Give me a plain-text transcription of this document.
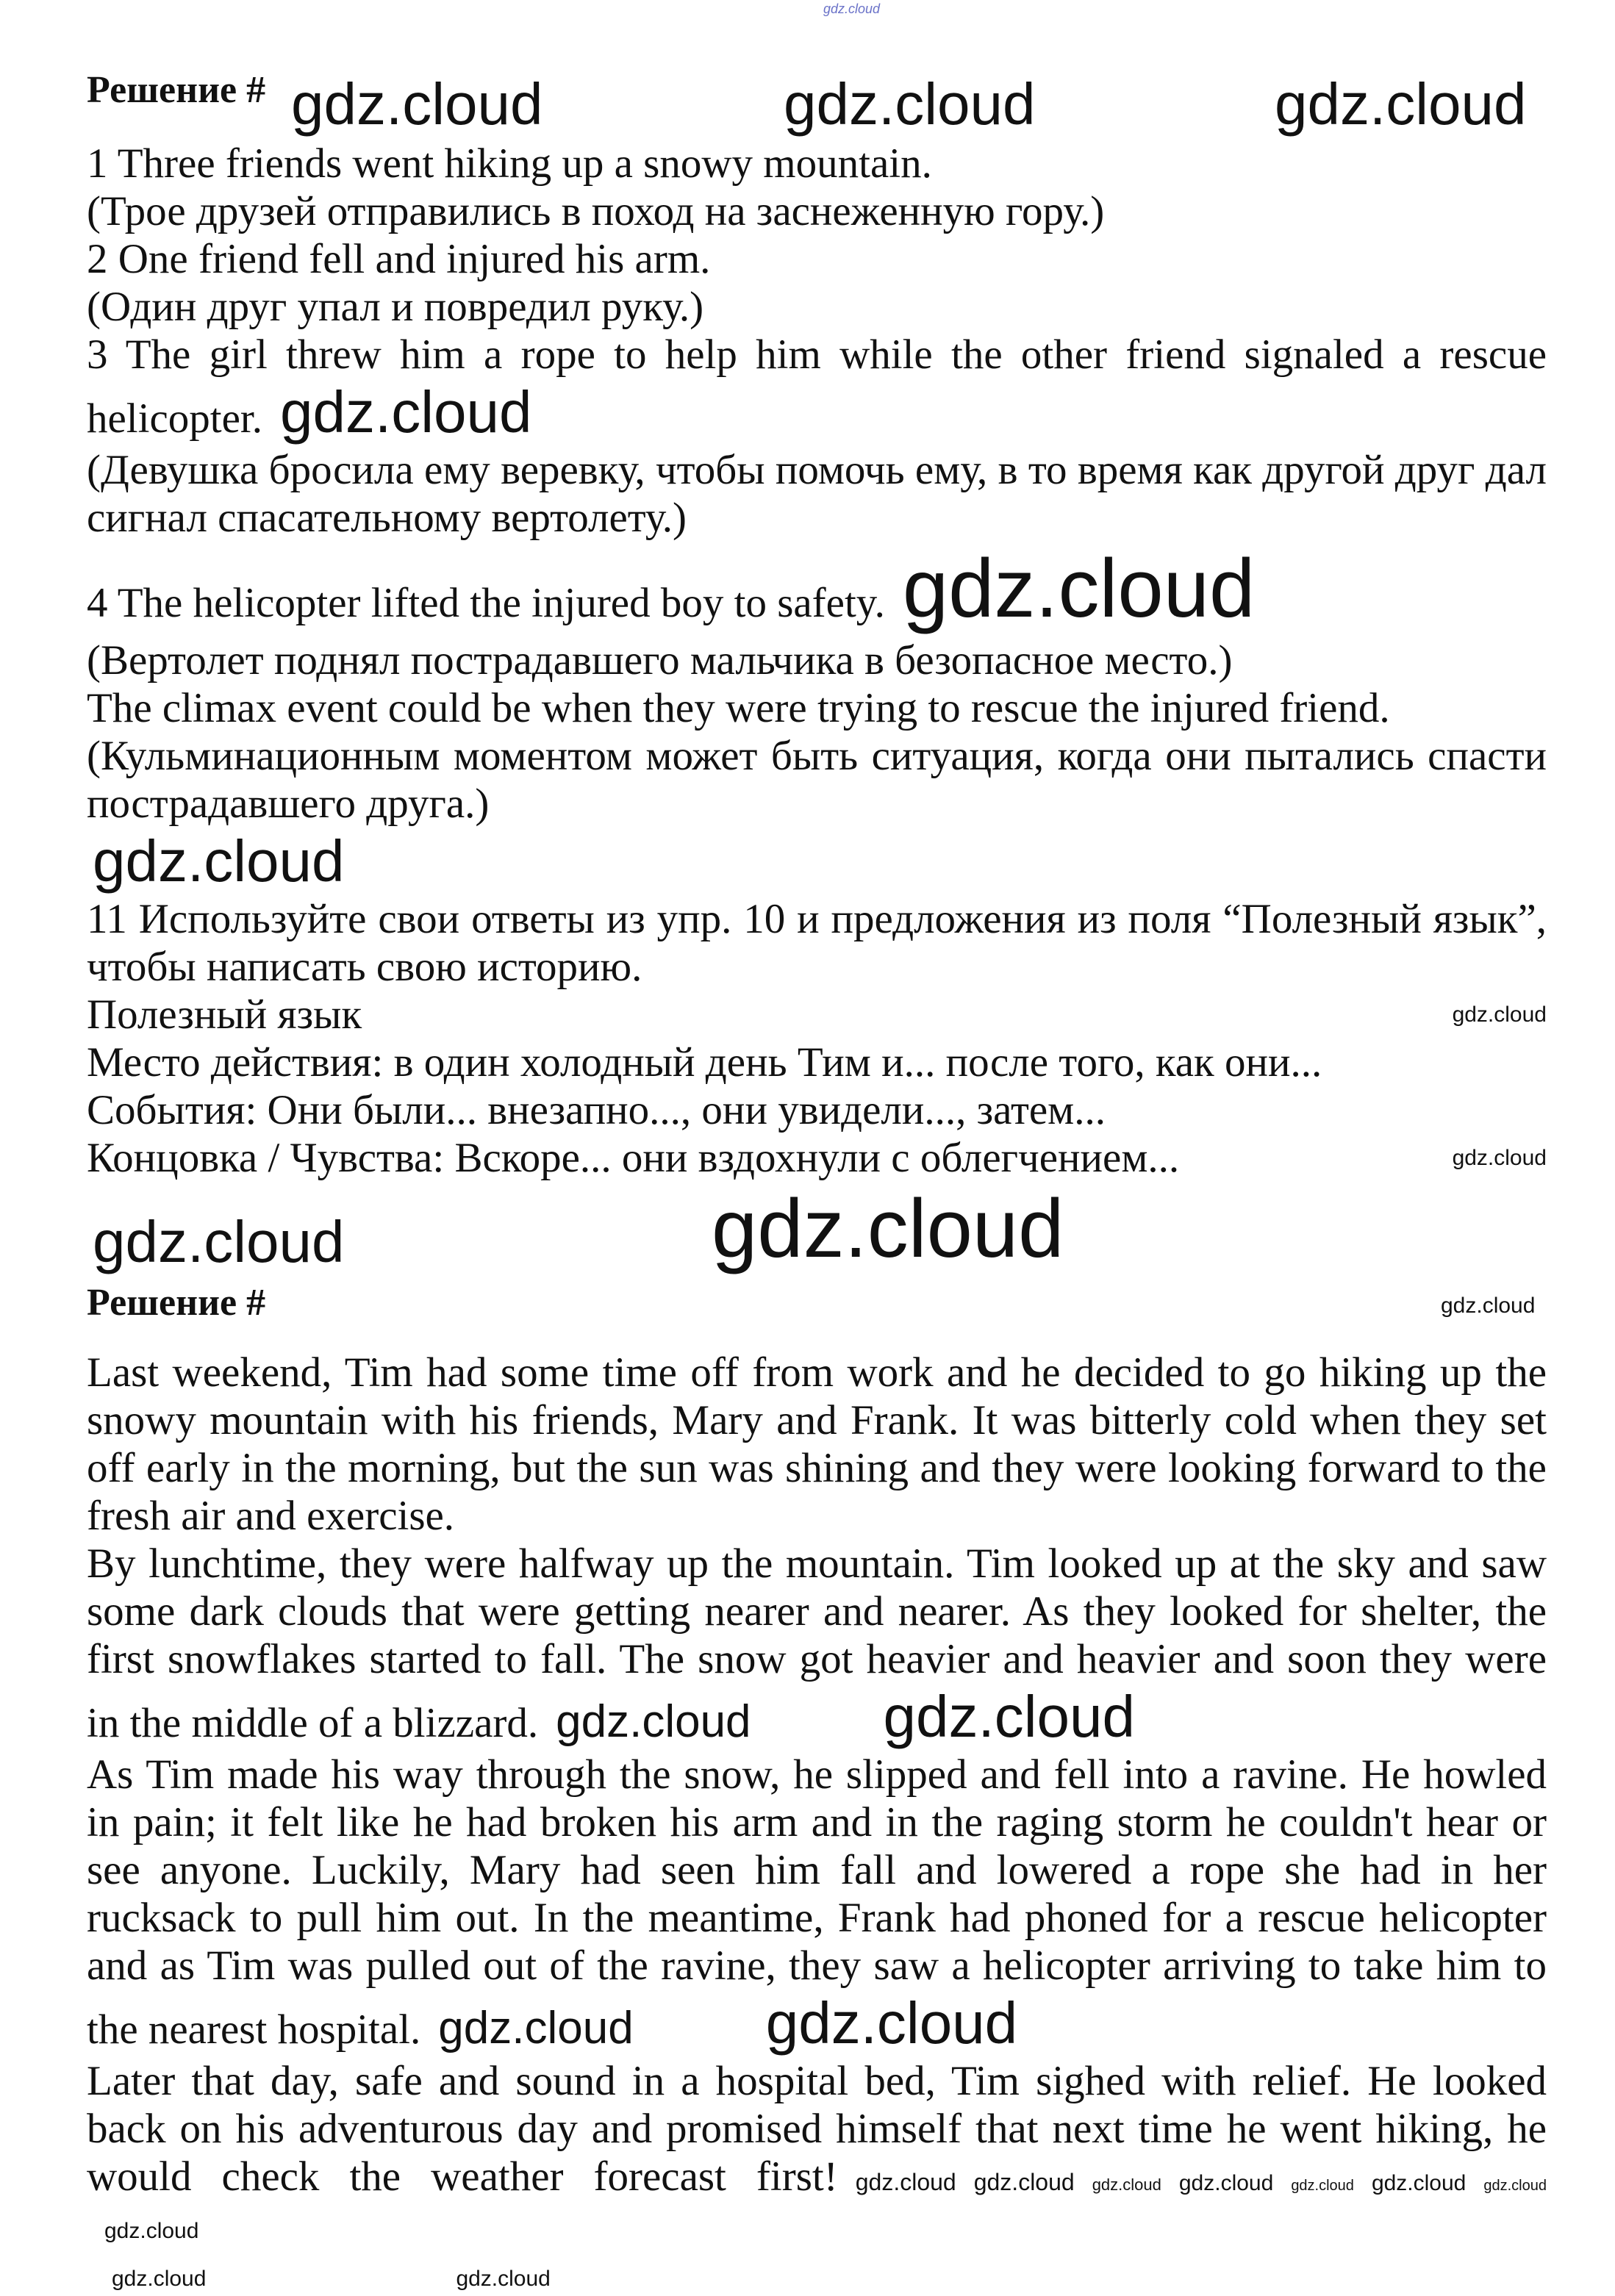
gdz.cloud

Решение # gdz.cloud	gdz.cloud	gdz.cloud

1 Three friends went hiking up a snowy mountain.

(Трое друзей отправились в поход на заснеженную гору.)

2 One friend fell and injured his arm.

(Один друг упал и повредил руку.)

3 The girl threw him a rope to help him while the other friend signaled a rescue helicopter. gdz.cloud

(Девушка бросила ему веревку, чтобы помочь ему, в то время как другой друг дал сигнал спасательному вертолету.)

4 The helicopter lifted the injured boy to safety. gdz.cloud

(Вертолет поднял пострадавшего мальчика в безопасное место.)

The climax event could be when they were trying to rescue the injured friend.

(Кульминационным моментом может быть ситуация, когда они пытались спасти пострадавшего друга.)

gdz.cloud

11 Используйте свои ответы из упр. 10 и предложения из поля “Полезный язык”, чтобы написать свою историю.

gdz.cloud
Полезный язык

Место действия: в один холодный день Тим и... после того, как они...

События: Они были... внезапно..., они увидели..., затем...

gdz.cloud
Концовка / Чувства: Вскоре... они вздохнули с облегчением...

gdz.cloud	gdz.cloud

Решение #	gdz.cloud

Last weekend, Tim had some time off from work and he decided to go hiking up the snowy mountain with his friends, Mary and Frank. It was bitterly cold when they set off early in the morning, but the sun was shining and they were looking forward to the fresh air and exercise.

By lunchtime, they were halfway up the mountain. Tim looked up at the sky and saw some dark clouds that were getting nearer and nearer. As they looked for shelter, the first snowflakes started to fall. The snow got heavier and heavier and soon they were in the middle of a blizzard. gdz.cloud gdz.cloud

As Tim made his way through the snow, he slipped and fell into a ravine. He howled in pain; it felt like he had broken his arm and in the raging storm he couldn't hear or see anyone. Luckily, Mary had seen him fall and lowered a rope she had in her rucksack to pull him out. In the meantime, Frank had phoned for a rescue helicopter and as Tim was pulled out of the ravine, they saw a helicopter arriving to take him to the nearest hospital. gdz.cloud gdz.cloud

Later that day, safe and sound in a hospital bed, Tim sighed with relief. He looked back on his adventurous day and promised himself that next time he went hiking, he would check the weather forecast first! gdz.cloud gdz.cloud gdz.cloud gdz.cloud gdz.cloud gdz.cloud gdz.cloudgdz.cloud

gdz.cloud	gdz.cloud
